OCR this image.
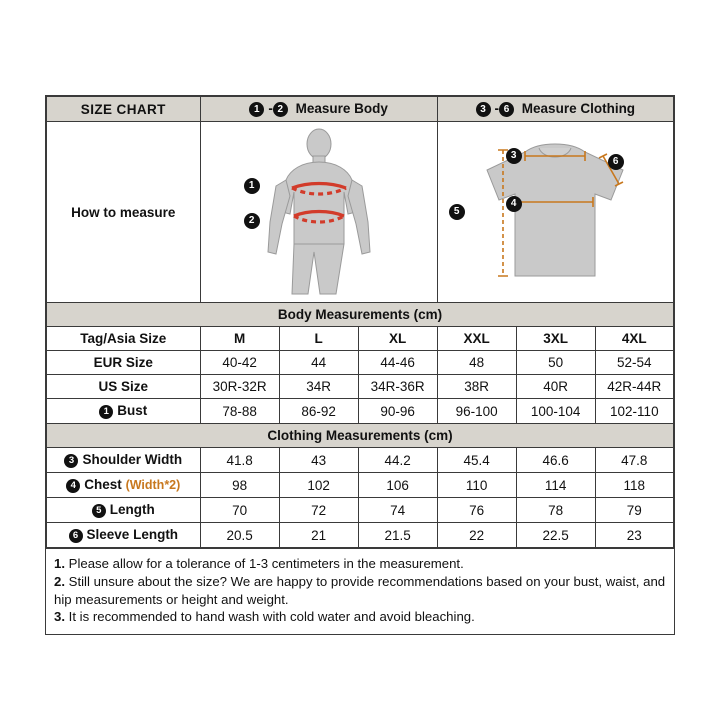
SIZE CHART	1 - 2 Measure Body			3 - 6 Measure Clothing		
How to measure	
1
2

3
4
5
6

Body Measurements (cm)						
Tag/Asia Size	M	L	XL	XXL	3XL	4XL
EUR Size	40-42	44	44-46	48	50	52-54
US Size	30R-32R	34R	34R-36R	38R	40R	42R-44R
1 Bust	78-88	86-92	90-96	96-100	100-104	102-110
Clothing Measurements (cm)						
3 Shoulder Width	41.8	43	44.2	45.4	46.6	47.8
4 Chest (Width*2)	98	102	106	110	114	118
5 Length	70	72	74	76	78	79
6 Sleeve Length	20.5	21	21.5	22	22.5	23

1. Please allow for a tolerance of 1-3 centimeters in the measurement.

2. Still unsure about the size? We are happy to provide recommendations based on your bust, waist, and hip measurements or height and weight.

3. It is recommended to hand wash with cold water and avoid bleaching.
